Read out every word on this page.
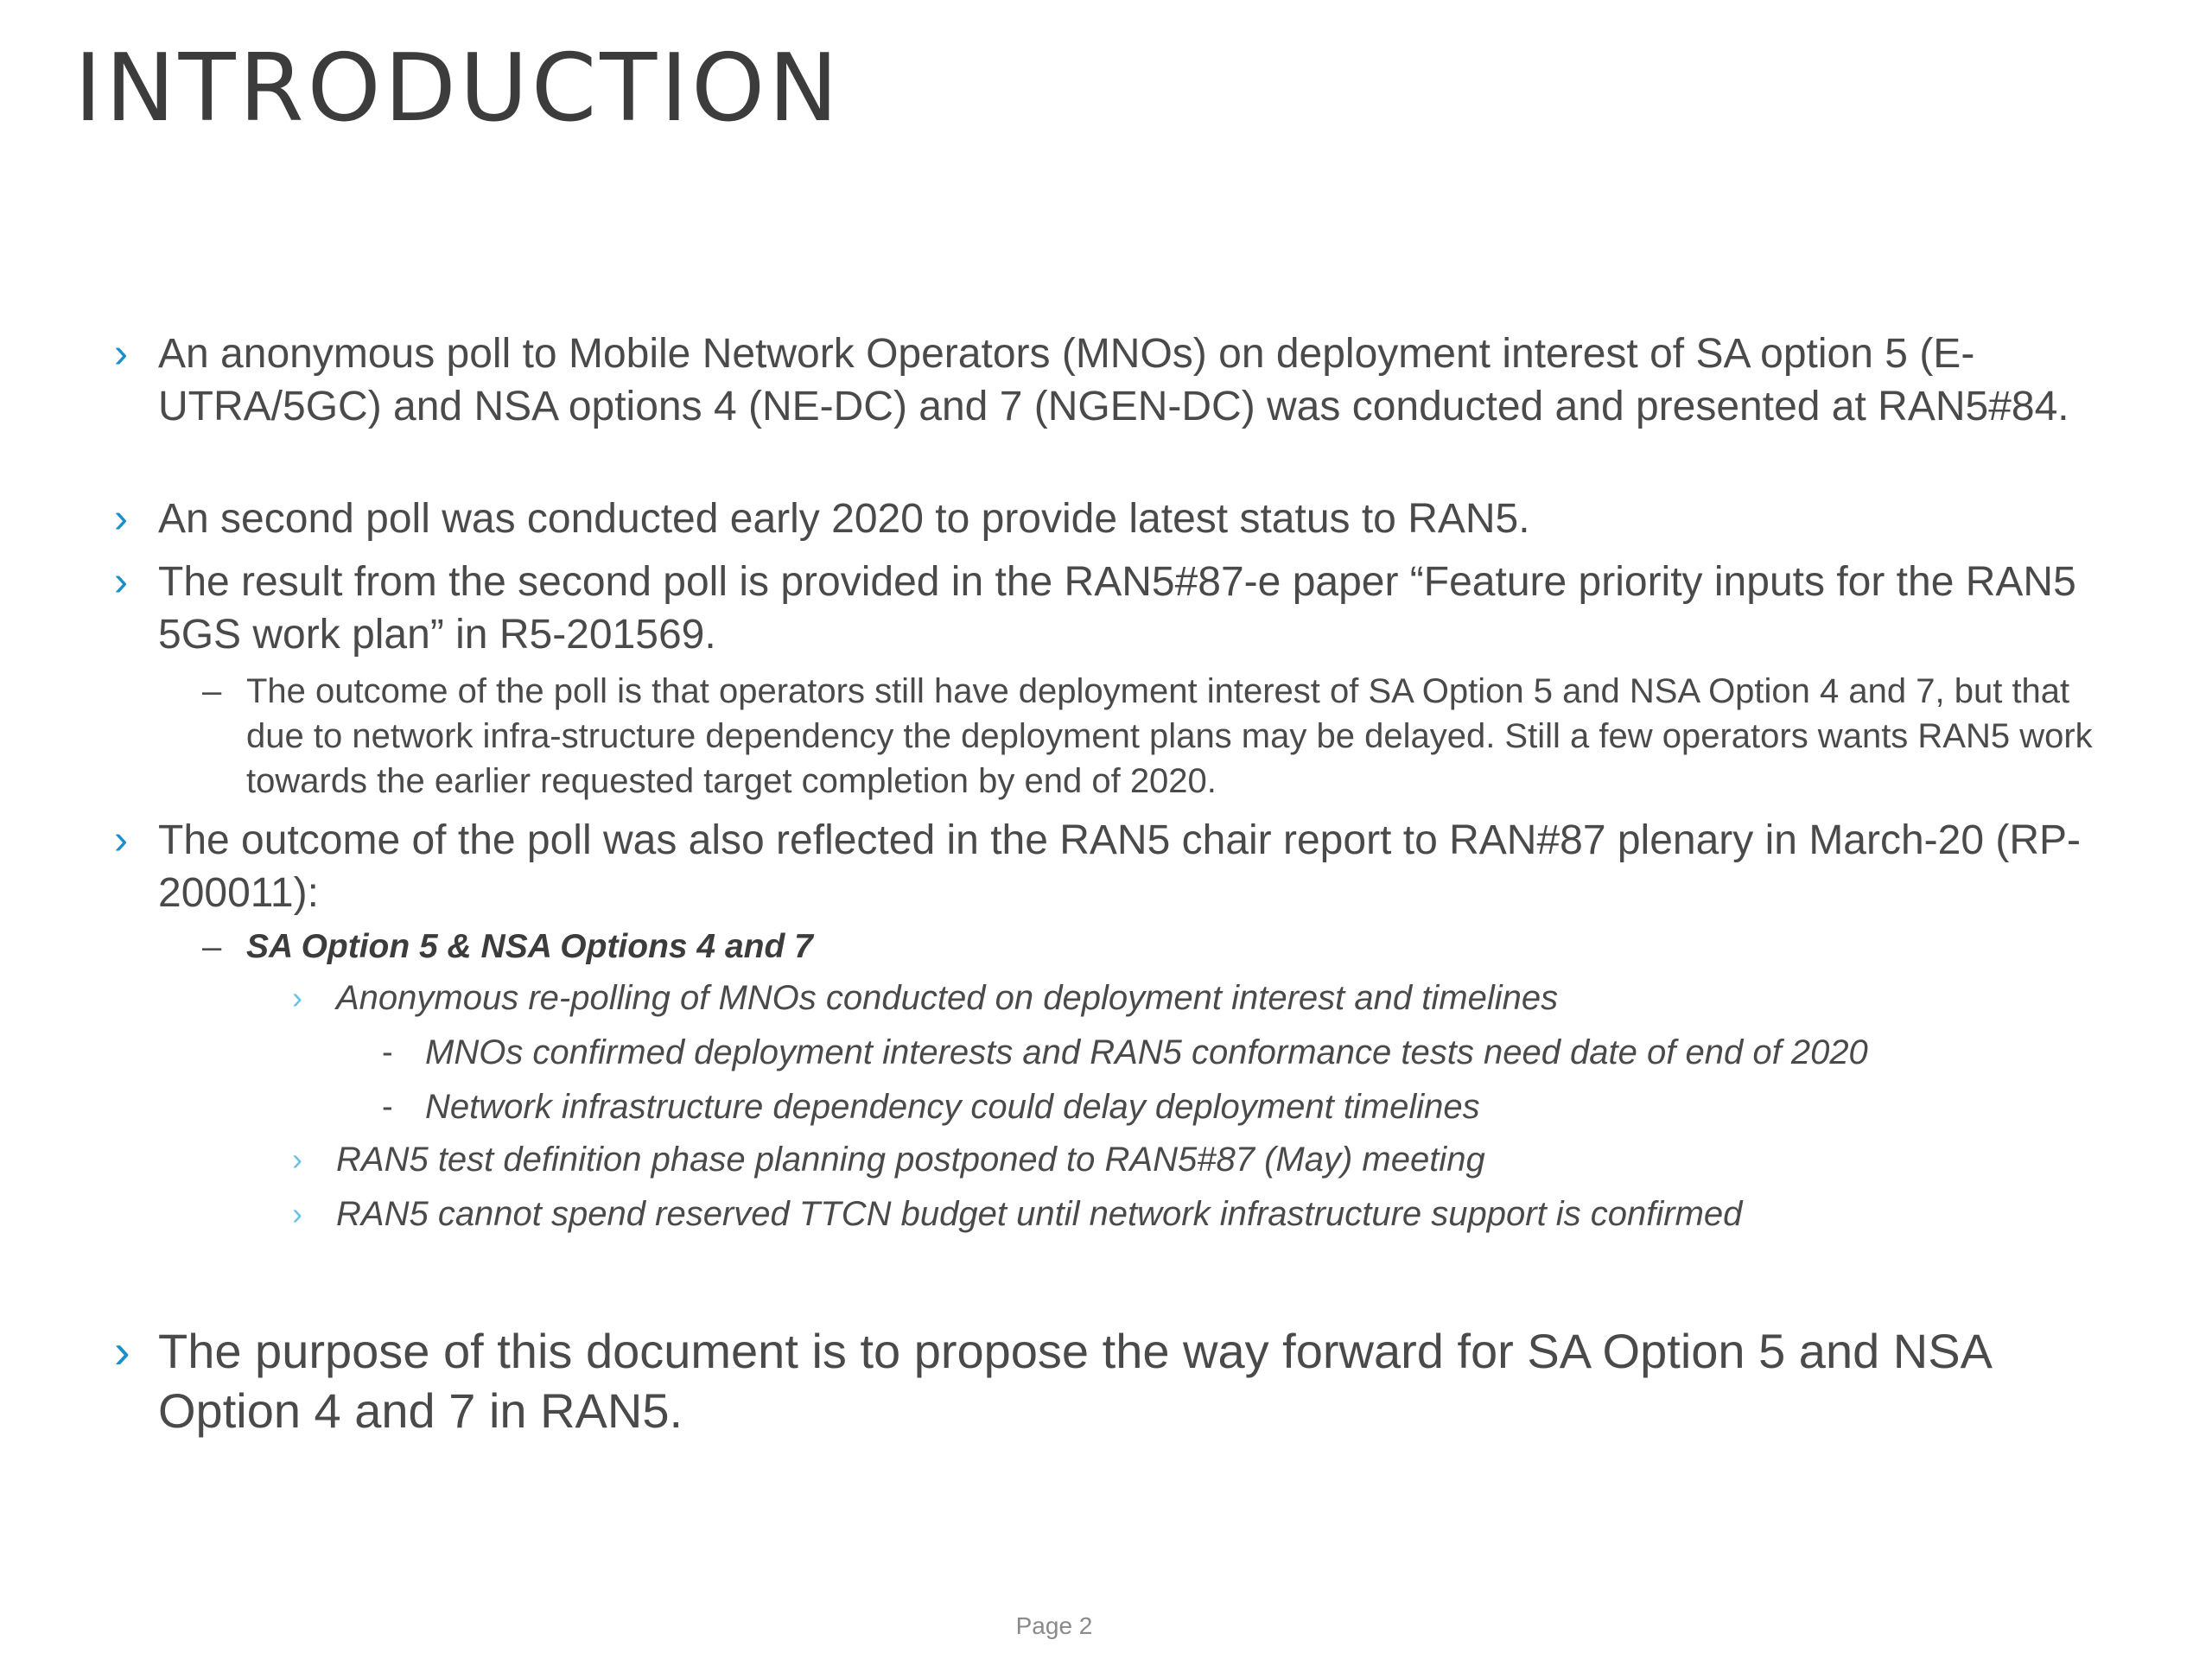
INTRODUCTION
› An anonymous poll to Mobile Network Operators (MNOs) on deployment interest of SA option 5 (E-UTRA/5GC) and NSA options 4 (NE-DC) and 7 (NGEN-DC) was conducted and presented at RAN5#84.

› An second poll was conducted early 2020 to provide latest status to RAN5.

› The result from the second poll is provided in the RAN5#87-e paper “Feature priority inputs for the RAN5 5GS work plan” in R5-201569.

– The outcome of the poll is that operators still have deployment interest of SA Option 5 and NSA Option 4 and 7, but that due to network infra-structure dependency the deployment plans may be delayed. Still a few operators wants RAN5 work towards the earlier requested target completion by end of 2020.

› The outcome of the poll was also reflected in the RAN5 chair report to RAN#87 plenary in March-20 (RP-200011):

– SA Option 5 & NSA Options 4 and 7

› Anonymous re-polling of MNOs conducted on deployment interest and timelines

- MNOs confirmed deployment interests and RAN5 conformance tests need date of end of 2020

- Network infrastructure dependency could delay deployment timelines

› RAN5 test definition phase planning postponed to RAN5#87 (May) meeting

› RAN5 cannot spend reserved TTCN budget until network infrastructure support is confirmed

› The purpose of this document is to propose the way forward for SA Option 5 and NSA Option 4 and 7 in RAN5.

Page 2
